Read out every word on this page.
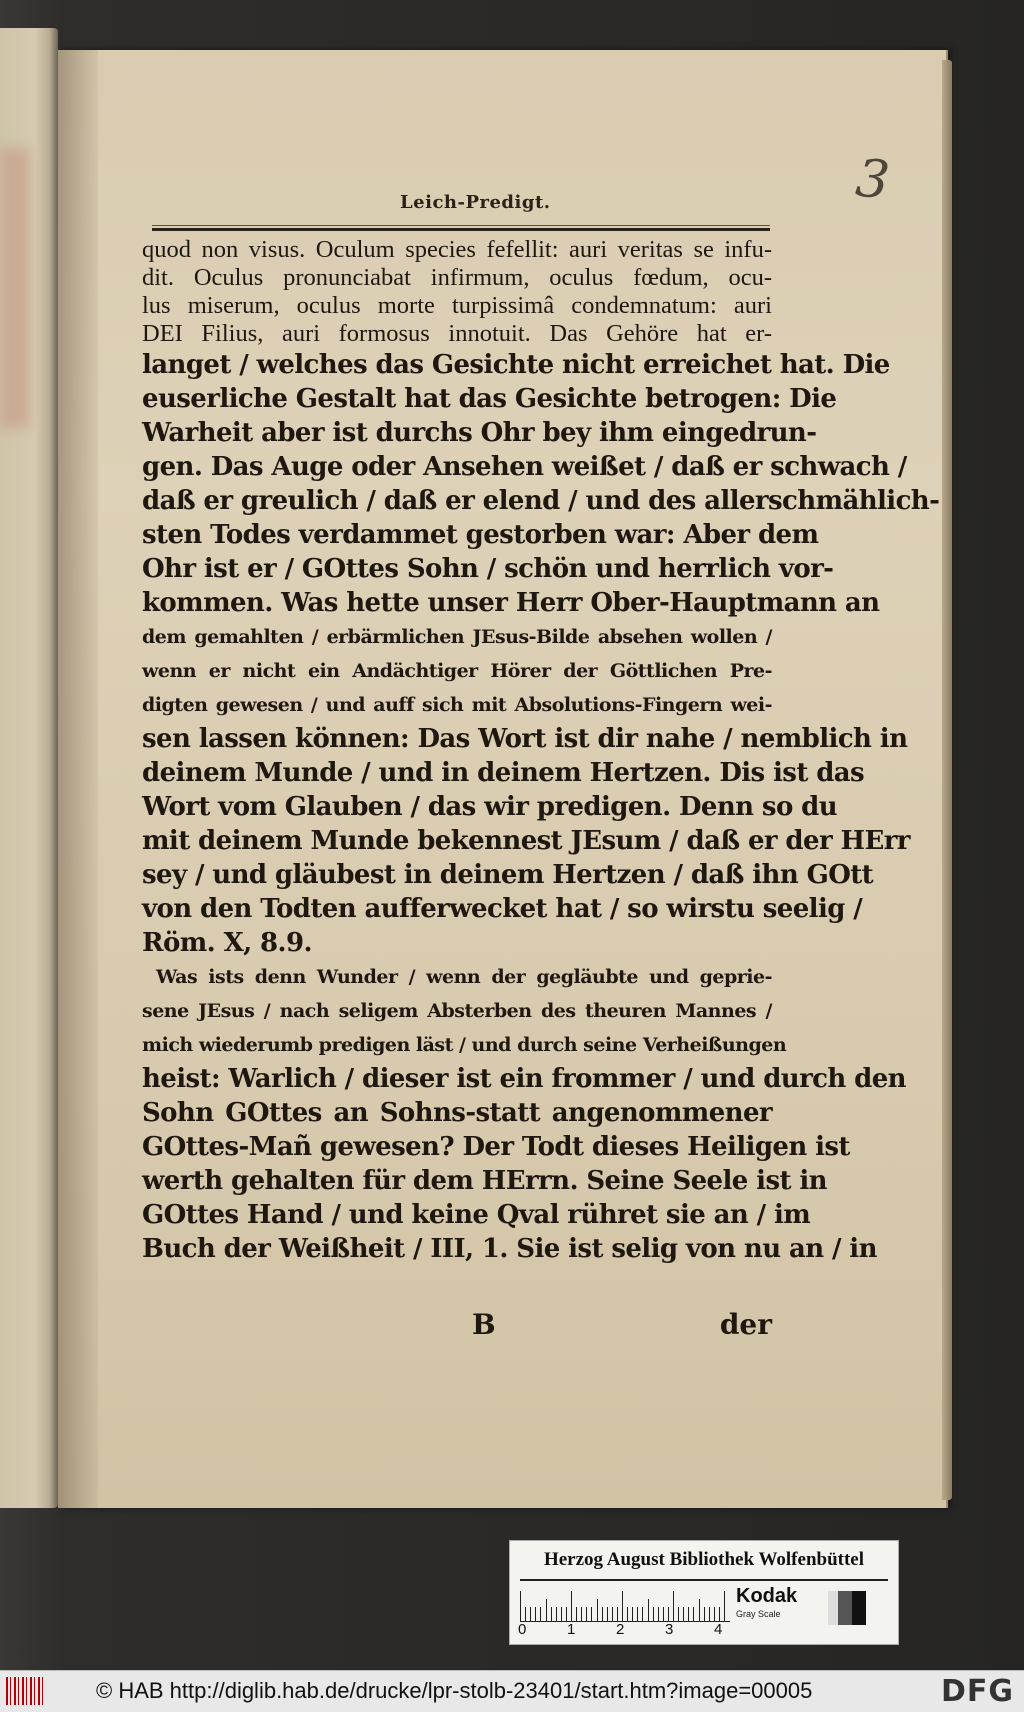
3
Leich-Predigt.
quod non visus. Oculum species fefellit: auri veritas se infu-
dit. Oculus pronunciabat infirmum, oculus fœdum, ocu-
lus miserum, oculus morte turpissimâ condemnatum: auri
DEI Filius, auri formosus innotuit. Das Gehöre hat er-
langet / welches das Gesichte nicht erreichet hat. Die
euserliche Gestalt hat das Gesichte betrogen: Die
Warheit aber ist durchs Ohr bey ihm eingedrun-
gen. Das Auge oder Ansehen weißet / daß er schwach /
daß er greulich / daß er elend / und des allerschmählich-
sten Todes verdammet gestorben war: Aber dem
Ohr ist er / GOttes Sohn / schön und herrlich vor-
kommen. Was hette unser Herr Ober-Hauptmann an
dem gemahlten / erbärmlichen JEsus-Bilde absehen wollen /
wenn er nicht ein Andächtiger Hörer der Göttlichen Pre-
digten gewesen / und auff sich mit Absolutions-Fingern wei-
sen lassen können: Das Wort ist dir nahe / nemblich in
deinem Munde / und in deinem Hertzen. Dis ist das
Wort vom Glauben / das wir predigen. Denn so du
mit deinem Munde bekennest JEsum / daß er der HErr
sey / und gläubest in deinem Hertzen / daß ihn GOtt
von den Todten aufferwecket hat / so wirstu seelig /
Röm. X, 8.9.
Was ists denn Wunder / wenn der gegläubte und geprie-
sene JEsus / nach seligem Absterben des theuren Mannes /
mich wiederumb predigen läst / und durch seine Verheißungen
heist: Warlich / dieser ist ein frommer / und durch den
Sohn GOttes an Sohns-statt angenommener
GOttes-Mañ gewesen? Der Todt dieses Heiligen ist
werth gehalten für dem HErrn. Seine Seele ist in
GOttes Hand / und keine Qval rühret sie an / im
Buch der Weißheit / III, 1. Sie ist selig von nu an / in
B	der
Herzog August Bibliothek Wolfenbüttel
0	1	2	3	4
Kodak
Gray Scale
© HAB http://diglib.hab.de/drucke/lpr-stolb-23401/start.htm?image=00005	DFG
